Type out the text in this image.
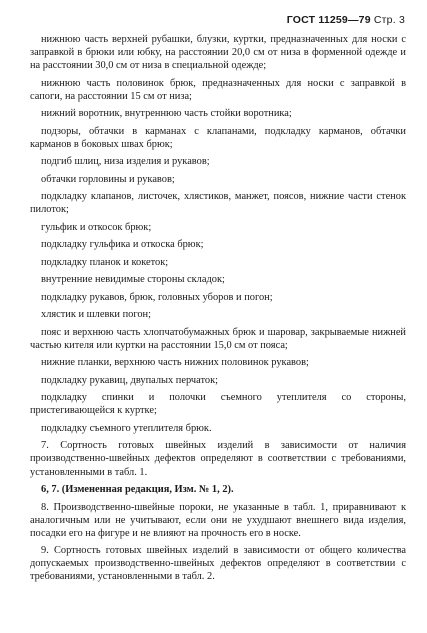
ГОСТ 11259—79 Стр. 3

нижнюю часть верхней рубашки, блузки, куртки, предназначенных для носки с заправкой в брюки или юбку, на расстоянии 20,0 см от низа в форменной одежде и на расстоянии 30,0 см от низа в специальной одежде;

нижнюю часть половинок брюк, предназначенных для носки с заправкой в сапоги, на расстоянии 15 см от низа;

нижний воротник, внутреннюю часть стойки воротника;

подзоры, обтачки в карманах с клапанами, подкладку карманов, обтачки карманов в боковых швах брюк;

подгиб шлиц, низа изделия и рукавов;

обтачки горловины и рукавов;

подкладку клапанов, листочек, хлястиков, манжет, поясов, нижние части стенок пилоток;

гульфик и откосок брюк;

подкладку гульфика и откоска брюк;

подкладку планок и кокеток;

внутренние невидимые стороны складок;

подкладку рукавов, брюк, головных уборов и погон;

хлястик и шлевки погон;

пояс и верхнюю часть хлопчатобумажных брюк и шаровар, закрываемые нижней частью кителя или куртки на расстоянии 15,0 см от пояса;

нижние планки, верхнюю часть нижних половинок рукавов;

подкладку рукавиц, двупалых перчаток;

подкладку спинки и полочки съемного утеплителя со стороны, пристегивающейся к куртке;

подкладку съемного утеплителя брюк.

7. Сортность готовых швейных изделий в зависимости от наличия производственно-швейных дефектов определяют в соответствии с требованиями, установленными в табл. 1.

6, 7. (Измененная редакция, Изм. № 1, 2).

8. Производственно-швейные пороки, не указанные в табл. 1, приравнивают к аналогичным или не учитывают, если они не ухудшают внешнего вида изделия, посадки его на фигуре и не влияют на прочность его в носке.

9. Сортность готовых швейных изделий в зависимости от общего количества допускаемых производственно-швейных дефектов определяют в соответствии с требованиями, установленными в табл. 2.
